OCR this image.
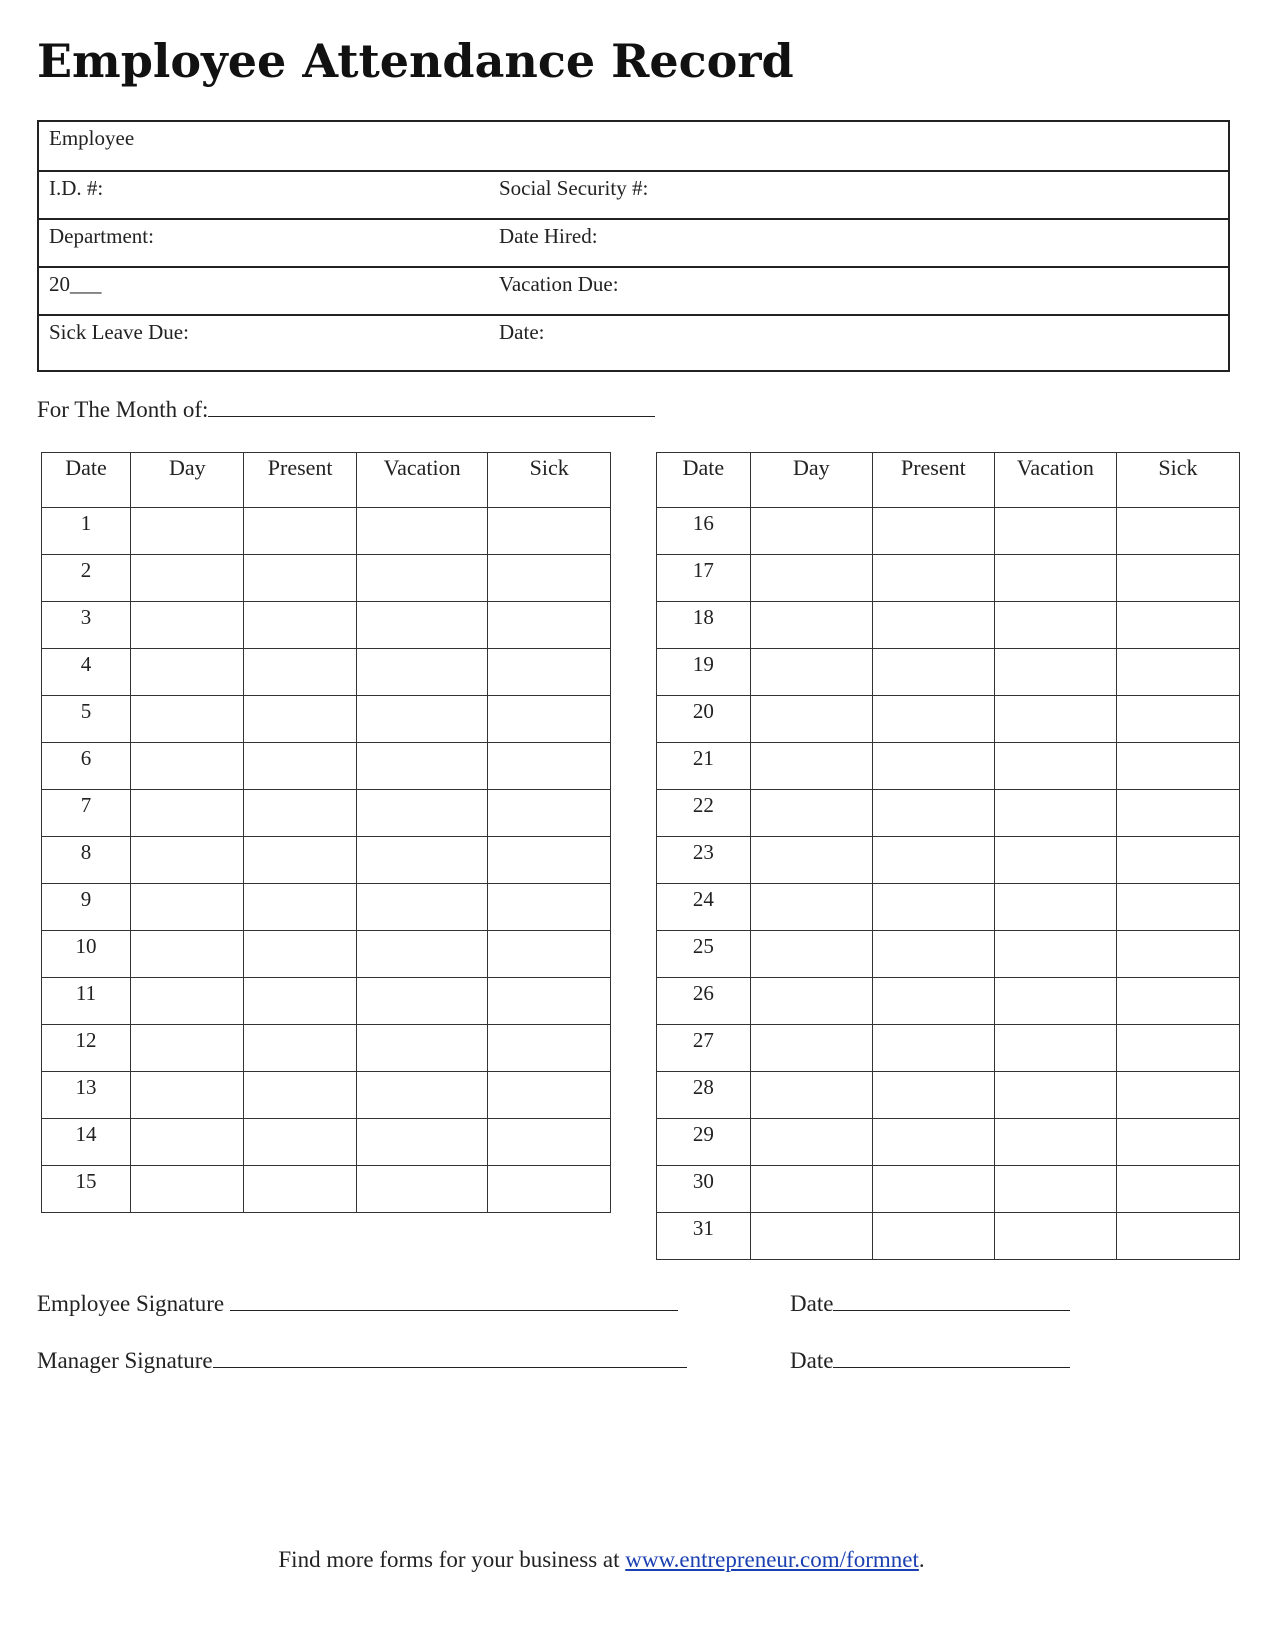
Employee Attendance Record
Employee
I.D. #:	Social Security #:
Department:	Date Hired:
20___	Vacation Due:
Sick Leave Due:	Date:
For The Month of:
Date	Day	Present	Vacation	Sick
1				
2				
3				
4				
5				
6				
7				
8				
9				
10				
11				
12				
13				
14				
15				
Date	Day	Present	Vacation	Sick
16				
17				
18				
19				
20				
21				
22				
23				
24				
25				
26				
27				
28				
29				
30				
31				
Employee Signature	Date
Manager Signature	Date
Find more forms for your business at www.entrepreneur.com/formnet.
